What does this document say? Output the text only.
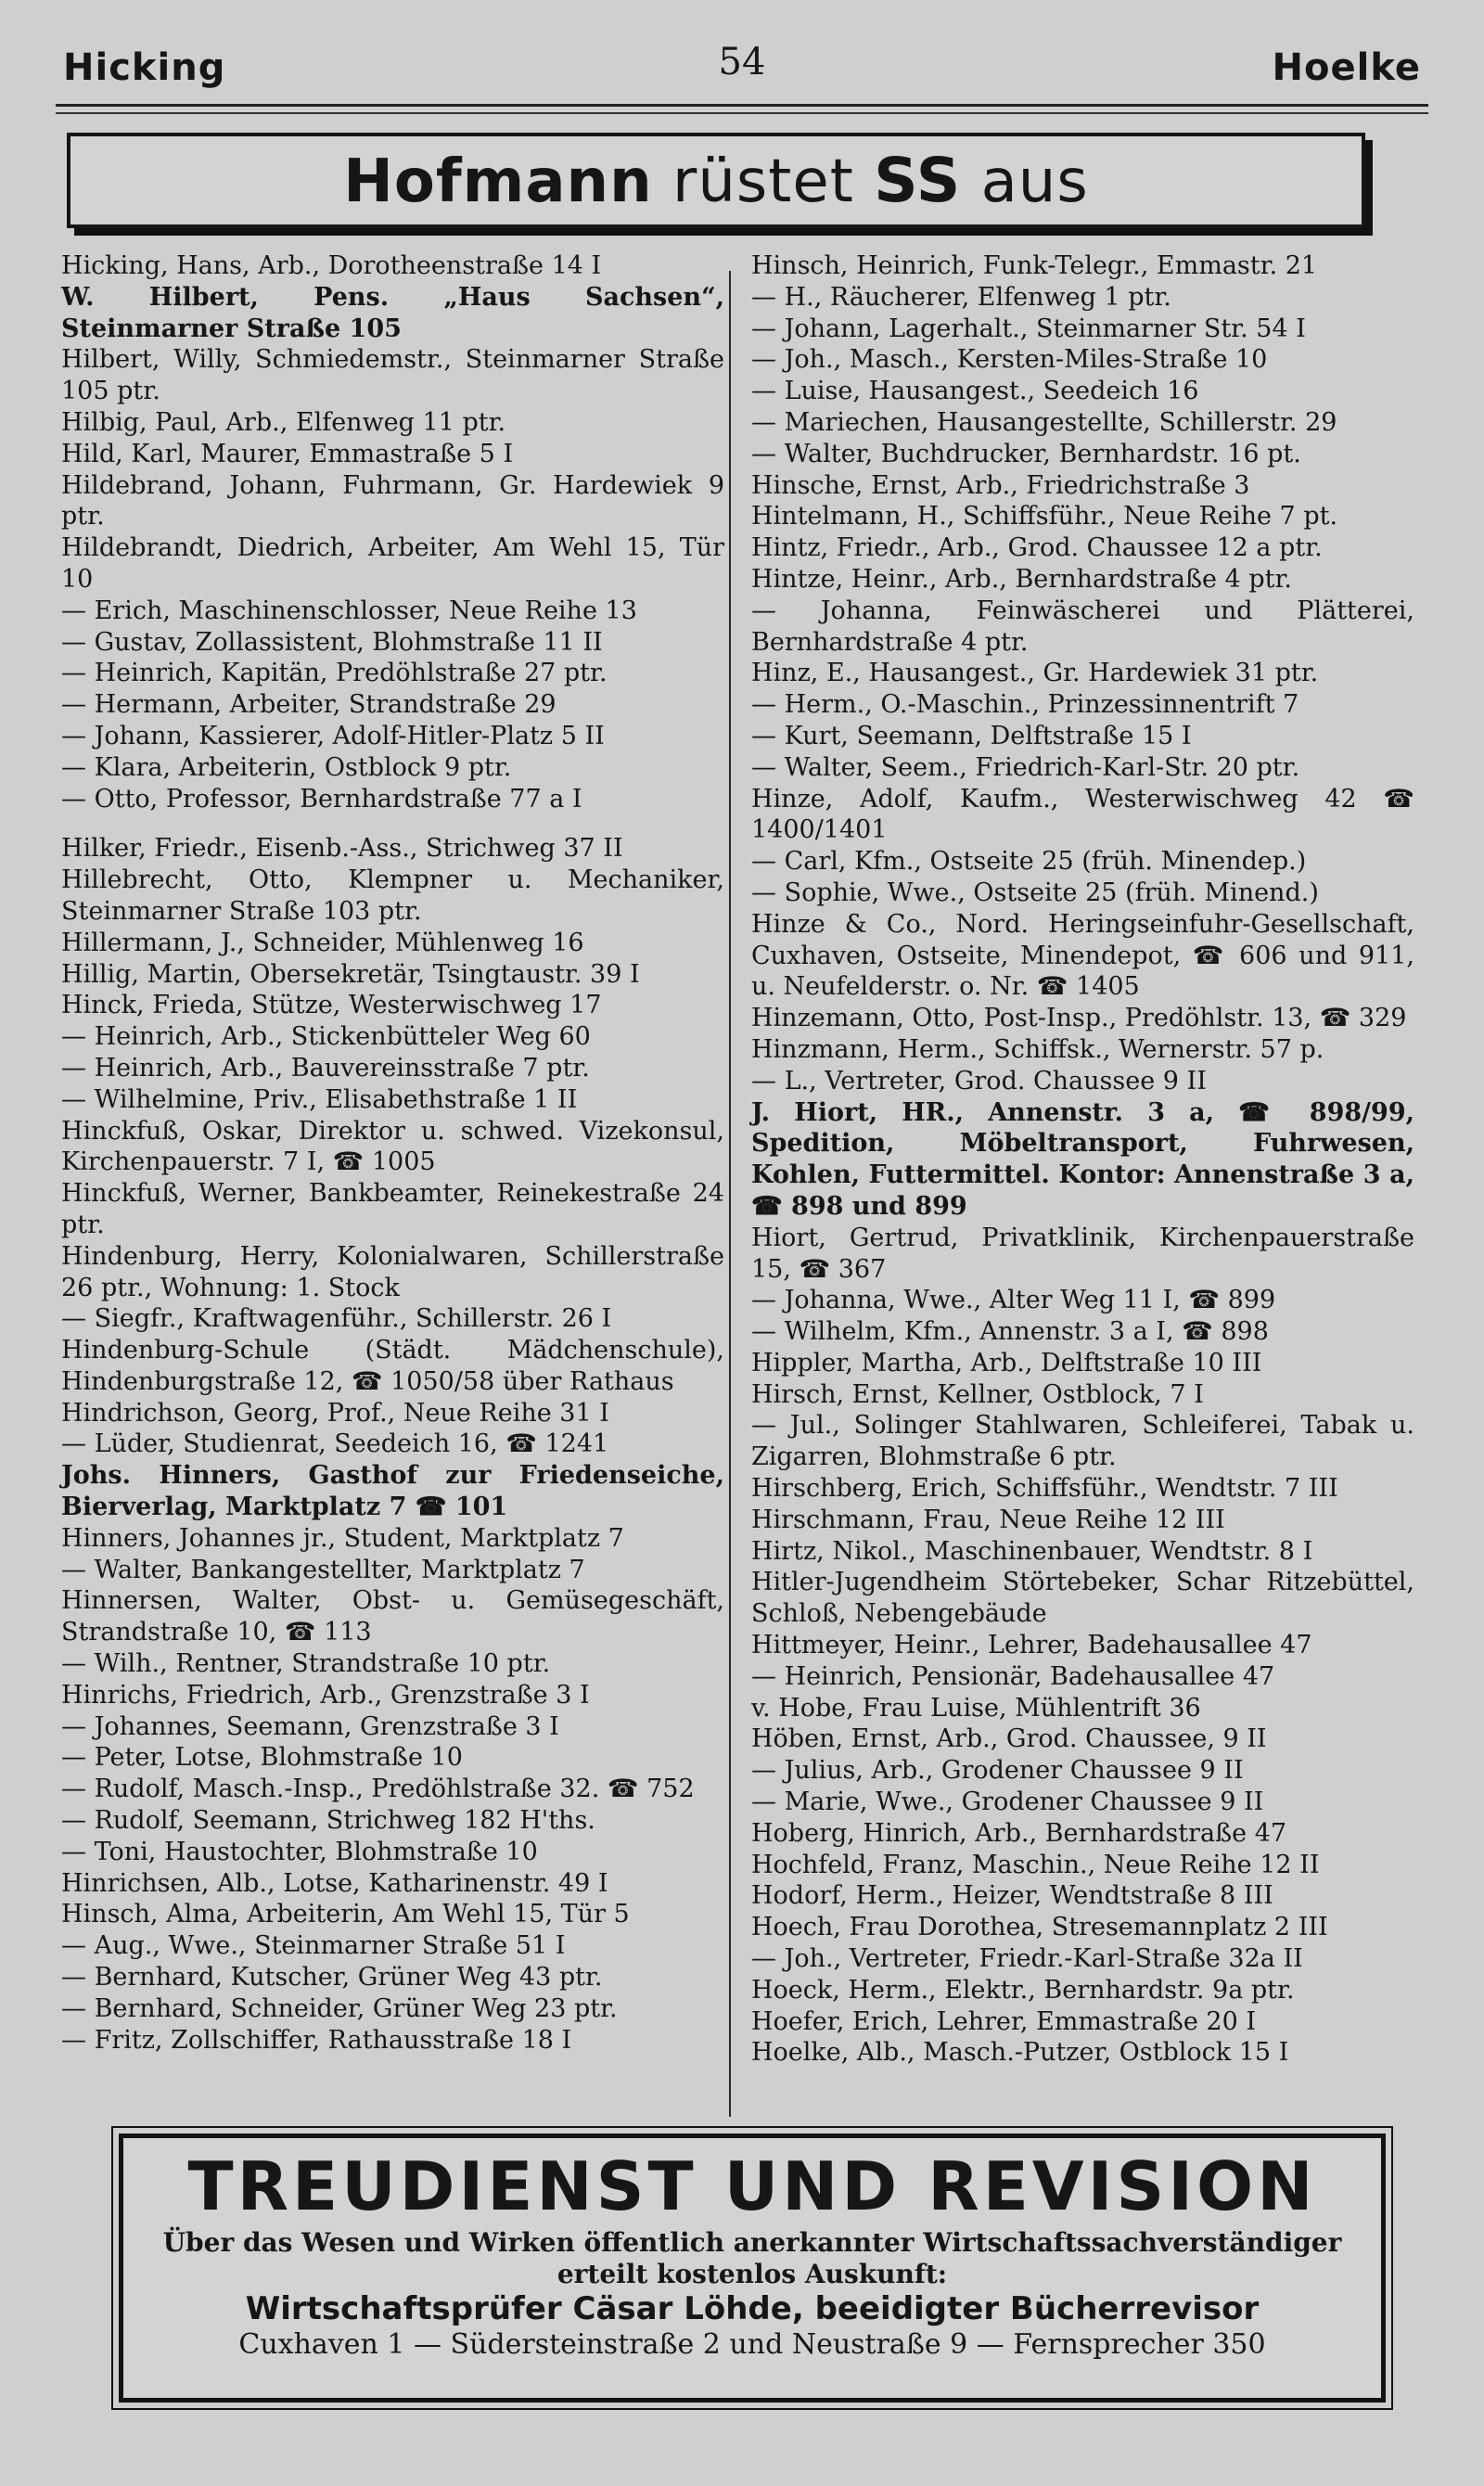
Hicking	54	Hoelke
Hofmann rüstet SS aus
Hicking, Hans, Arb., Dorotheenstraße 14 I
W. Hilbert, Pens. „Haus Sachsen“, Steinmarner Straße 105
Hilbert, Willy, Schmiedemstr., Steinmarner Straße 105 ptr.
Hilbig, Paul, Arb., Elfenweg 11 ptr.
Hild, Karl, Maurer, Emmastraße 5 I
Hildebrand, Johann, Fuhrmann, Gr. Hardewiek 9 ptr.
Hildebrandt, Diedrich, Arbeiter, Am Wehl 15, Tür 10
— Erich, Maschinenschlosser, Neue Reihe 13
— Gustav, Zollassistent, Blohmstraße 11 II
— Heinrich, Kapitän, Predöhlstraße 27 ptr.
— Hermann, Arbeiter, Strandstraße 29
— Johann, Kassierer, Adolf-Hitler-Platz 5 II
— Klara, Arbeiterin, Ostblock 9 ptr.
— Otto, Professor, Bernhardstraße 77 a I
Hilker, Friedr., Eisenb.-Ass., Strichweg 37 II
Hillebrecht, Otto, Klempner u. Mechaniker, Steinmarner Straße 103 ptr.
Hillermann, J., Schneider, Mühlenweg 16
Hillig, Martin, Obersekretär, Tsingtaustr. 39 I
Hinck, Frieda, Stütze, Westerwischweg 17
— Heinrich, Arb., Stickenbütteler Weg 60
— Heinrich, Arb., Bauvereinsstraße 7 ptr.
— Wilhelmine, Priv., Elisabethstraße 1 II
Hinckfuß, Oskar, Direktor u. schwed. Vizekonsul, Kirchenpauerstr. 7 I, ☎ 1005
Hinckfuß, Werner, Bankbeamter, Reinekestraße 24 ptr.
Hindenburg, Herry, Kolonialwaren, Schillerstraße 26 ptr., Wohnung: 1. Stock
— Siegfr., Kraftwagenführ., Schillerstr. 26 I
Hindenburg-Schule (Städt. Mädchenschule), Hindenburgstraße 12, ☎ 1050/58 über Rathaus
Hindrichson, Georg, Prof., Neue Reihe 31 I
— Lüder, Studienrat, Seedeich 16, ☎ 1241
Johs. Hinners, Gasthof zur Friedenseiche, Bierverlag, Marktplatz 7 ☎ 101
Hinners, Johannes jr., Student, Marktplatz 7
— Walter, Bankangestellter, Marktplatz 7
Hinnersen, Walter, Obst- u. Gemüsegeschäft, Strandstraße 10, ☎ 113
— Wilh., Rentner, Strandstraße 10 ptr.
Hinrichs, Friedrich, Arb., Grenzstraße 3 I
— Johannes, Seemann, Grenzstraße 3 I
— Peter, Lotse, Blohmstraße 10
— Rudolf, Masch.-Insp., Predöhlstraße 32. ☎ 752
— Rudolf, Seemann, Strichweg 182 H'ths.
— Toni, Haustochter, Blohmstraße 10
Hinrichsen, Alb., Lotse, Katharinenstr. 49 I
Hinsch, Alma, Arbeiterin, Am Wehl 15, Tür 5
— Aug., Wwe., Steinmarner Straße 51 I
— Bernhard, Kutscher, Grüner Weg 43 ptr.
— Bernhard, Schneider, Grüner Weg 23 ptr.
— Fritz, Zollschiffer, Rathausstraße 18 I
Hinsch, Heinrich, Funk-Telegr., Emmastr. 21
— H., Räucherer, Elfenweg 1 ptr.
— Johann, Lagerhalt., Steinmarner Str. 54 I
— Joh., Masch., Kersten-Miles-Straße 10
— Luise, Hausangest., Seedeich 16
— Mariechen, Hausangestellte, Schillerstr. 29
— Walter, Buchdrucker, Bernhardstr. 16 pt.
Hinsche, Ernst, Arb., Friedrichstraße 3
Hintelmann, H., Schiffsführ., Neue Reihe 7 pt.
Hintz, Friedr., Arb., Grod. Chaussee 12 a ptr.
Hintze, Heinr., Arb., Bernhardstraße 4 ptr.
— Johanna, Feinwäscherei und Plätterei, Bernhardstraße 4 ptr.
Hinz, E., Hausangest., Gr. Hardewiek 31 ptr.
— Herm., O.-Maschin., Prinzessinnentrift 7
— Kurt, Seemann, Delftstraße 15 I
— Walter, Seem., Friedrich-Karl-Str. 20 ptr.
Hinze, Adolf, Kaufm., Westerwischweg 42 ☎ 1400/1401
— Carl, Kfm., Ostseite 25 (früh. Minendep.)
— Sophie, Wwe., Ostseite 25 (früh. Minend.)
Hinze & Co., Nord. Heringseinfuhr-Gesellschaft, Cuxhaven, Ostseite, Minendepot, ☎ 606 und 911, u. Neufelderstr. o. Nr. ☎ 1405
Hinzemann, Otto, Post-Insp., Predöhlstr. 13, ☎ 329
Hinzmann, Herm., Schiffsk., Wernerstr. 57 p.
— L., Vertreter, Grod. Chaussee 9 II
J. Hiort, HR., Annenstr. 3 a, ☎ 898/99, Spedition, Möbeltransport, Fuhrwesen, Kohlen, Futtermittel. Kontor: Annenstraße 3 a, ☎ 898 und 899
Hiort, Gertrud, Privatklinik, Kirchenpauerstraße 15, ☎ 367
— Johanna, Wwe., Alter Weg 11 I, ☎ 899
— Wilhelm, Kfm., Annenstr. 3 a I, ☎ 898
Hippler, Martha, Arb., Delftstraße 10 III
Hirsch, Ernst, Kellner, Ostblock, 7 I
— Jul., Solinger Stahlwaren, Schleiferei, Tabak u. Zigarren, Blohmstraße 6 ptr.
Hirschberg, Erich, Schiffsführ., Wendtstr. 7 III
Hirschmann, Frau, Neue Reihe 12 III
Hirtz, Nikol., Maschinenbauer, Wendtstr. 8 I
Hitler-Jugendheim Störtebeker, Schar Ritzebüttel, Schloß, Nebengebäude
Hittmeyer, Heinr., Lehrer, Badehausallee 47
— Heinrich, Pensionär, Badehausallee 47
v. Hobe, Frau Luise, Mühlentrift 36
Höben, Ernst, Arb., Grod. Chaussee, 9 II
— Julius, Arb., Grodener Chaussee 9 II
— Marie, Wwe., Grodener Chaussee 9 II
Hoberg, Hinrich, Arb., Bernhardstraße 47
Hochfeld, Franz, Maschin., Neue Reihe 12 II
Hodorf, Herm., Heizer, Wendtstraße 8 III
Hoech, Frau Dorothea, Stresemannplatz 2 III
— Joh., Vertreter, Friedr.-Karl-Straße 32a II
Hoeck, Herm., Elektr., Bernhardstr. 9a ptr.
Hoefer, Erich, Lehrer, Emmastraße 20 I
Hoelke, Alb., Masch.-Putzer, Ostblock 15 I
TREUDIENST UND REVISION
Über das Wesen und Wirken öffentlich anerkannter Wirtschaftssachverständiger
erteilt kostenlos Auskunft:
Wirtschaftsprüfer Cäsar Löhde, beeidigter Bücherrevisor
Cuxhaven 1 — Südersteinstraße 2 und Neustraße 9 — Fernsprecher 350
